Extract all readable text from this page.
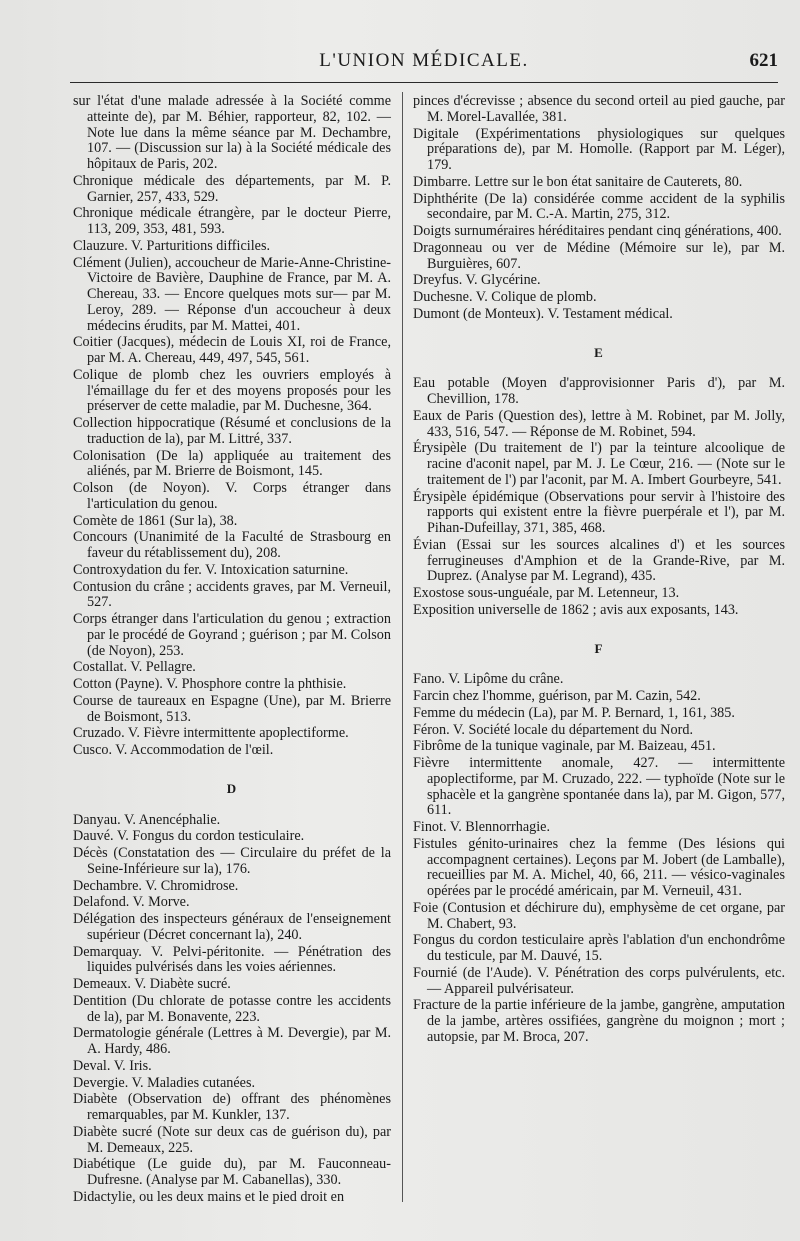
L'UNION MÉDICALE.	621

sur l'état d'une malade adressée à la Société comme atteinte de), par M. Béhier, rapporteur, 82, 102. — Note lue dans la même séance par M. Dechambre, 107. — (Discussion sur la) à la Société médicale des hôpitaux de Paris, 202.

Chronique médicale des départements, par M. P. Garnier, 257, 433, 529.

Chronique médicale étrangère, par le docteur Pierre, 113, 209, 353, 481, 593.

Clauzure. V. Parturitions difficiles.

Clément (Julien), accoucheur de Marie-Anne-Christine-Victoire de Bavière, Dauphine de France, par M. A. Chereau, 33. — Encore quelques mots sur— par M. Leroy, 289. — Réponse d'un accoucheur à deux médecins érudits, par M. Mattei, 401.

Coitier (Jacques), médecin de Louis XI, roi de France, par M. A. Chereau, 449, 497, 545, 561.

Colique de plomb chez les ouvriers employés à l'émaillage du fer et des moyens proposés pour les préserver de cette maladie, par M. Duchesne, 364.

Collection hippocratique (Résumé et conclusions de la traduction de la), par M. Littré, 337.

Colonisation (De la) appliquée au traitement des aliénés, par M. Brierre de Boismont, 145.

Colson (de Noyon). V. Corps étranger dans l'articulation du genou.

Comète de 1861 (Sur la), 38.

Concours (Unanimité de la Faculté de Strasbourg en faveur du rétablissement du), 208.

Controxydation du fer. V. Intoxication saturnine.

Contusion du crâne ; accidents graves, par M. Verneuil, 527.

Corps étranger dans l'articulation du genou ; extraction par le procédé de Goyrand ; guérison ; par M. Colson (de Noyon), 253.

Costallat. V. Pellagre.

Cotton (Payne). V. Phosphore contre la phthisie.

Course de taureaux en Espagne (Une), par M. Brierre de Boismont, 513.

Cruzado. V. Fièvre intermittente apoplectiforme.

Cusco. V. Accommodation de l'œil.

D

Danyau. V. Anencéphalie.

Dauvé. V. Fongus du cordon testiculaire.

Décès (Constatation des — Circulaire du préfet de la Seine-Inférieure sur la), 176.

Dechambre. V. Chromidrose.

Delafond. V. Morve.

Délégation des inspecteurs généraux de l'enseignement supérieur (Décret concernant la), 240.

Demarquay. V. Pelvi-péritonite. — Pénétration des liquides pulvérisés dans les voies aériennes.

Demeaux. V. Diabète sucré.

Dentition (Du chlorate de potasse contre les accidents de la), par M. Bonavente, 223.

Dermatologie générale (Lettres à M. Devergie), par M. A. Hardy, 486.

Deval. V. Iris.

Devergie. V. Maladies cutanées.

Diabète (Observation de) offrant des phénomènes remarquables, par M. Kunkler, 137.

Diabète sucré (Note sur deux cas de guérison du), par M. Demeaux, 225.

Diabétique (Le guide du), par M. Fauconneau-Dufresne. (Analyse par M. Cabanellas), 330.

Didactylie, ou les deux mains et le pied droit en

pinces d'écrevisse ; absence du second orteil au pied gauche, par M. Morel-Lavallée, 381.

Digitale (Expérimentations physiologiques sur quelques préparations de), par M. Homolle. (Rapport par M. Léger), 179.

Dimbarre. Lettre sur le bon état sanitaire de Cauterets, 80.

Diphthérite (De la) considérée comme accident de la syphilis secondaire, par M. C.-A. Martin, 275, 312.

Doigts surnuméraires héréditaires pendant cinq générations, 400.

Dragonneau ou ver de Médine (Mémoire sur le), par M. Burguières, 607.

Dreyfus. V. Glycérine.

Duchesne. V. Colique de plomb.

Dumont (de Monteux). V. Testament médical.

E

Eau potable (Moyen d'approvisionner Paris d'), par M. Chevillion, 178.

Eaux de Paris (Question des), lettre à M. Robinet, par M. Jolly, 433, 516, 547. — Réponse de M. Robinet, 594.

Érysipèle (Du traitement de l') par la teinture alcoolique de racine d'aconit napel, par M. J. Le Cœur, 216. — (Note sur le traitement de l') par l'aconit, par M. A. Imbert Gourbeyre, 541.

Érysipèle épidémique (Observations pour servir à l'histoire des rapports qui existent entre la fièvre puerpérale et l'), par M. Pihan-Dufeillay, 371, 385, 468.

Évian (Essai sur les sources alcalines d') et les sources ferrugineuses d'Amphion et de la Grande-Rive, par M. Duprez. (Analyse par M. Legrand), 435.

Exostose sous-unguéale, par M. Letenneur, 13.

Exposition universelle de 1862 ; avis aux exposants, 143.

F

Fano. V. Lipôme du crâne.

Farcin chez l'homme, guérison, par M. Cazin, 542.

Femme du médecin (La), par M. P. Bernard, 1, 161, 385.

Féron. V. Société locale du département du Nord.

Fibrôme de la tunique vaginale, par M. Baizeau, 451.

Fièvre intermittente anomale, 427. — intermittente apoplectiforme, par M. Cruzado, 222. — typhoïde (Note sur le sphacèle et la gangrène spontanée dans la), par M. Gigon, 577, 611.

Finot. V. Blennorrhagie.

Fistules génito-urinaires chez la femme (Des lésions qui accompagnent certaines). Leçons par M. Jobert (de Lamballe), recueillies par M. A. Michel, 40, 66, 211. — vésico-vaginales opérées par le procédé américain, par M. Verneuil, 431.

Foie (Contusion et déchirure du), emphysème de cet organe, par M. Chabert, 93.

Fongus du cordon testiculaire après l'ablation d'un enchondrôme du testicule, par M. Dauvé, 15.

Fournié (de l'Aude). V. Pénétration des corps pulvérulents, etc. — Appareil pulvérisateur.

Fracture de la partie inférieure de la jambe, gangrène, amputation de la jambe, artères ossifiées, gangrène du moignon ; mort ; autopsie, par M. Broca, 207.
